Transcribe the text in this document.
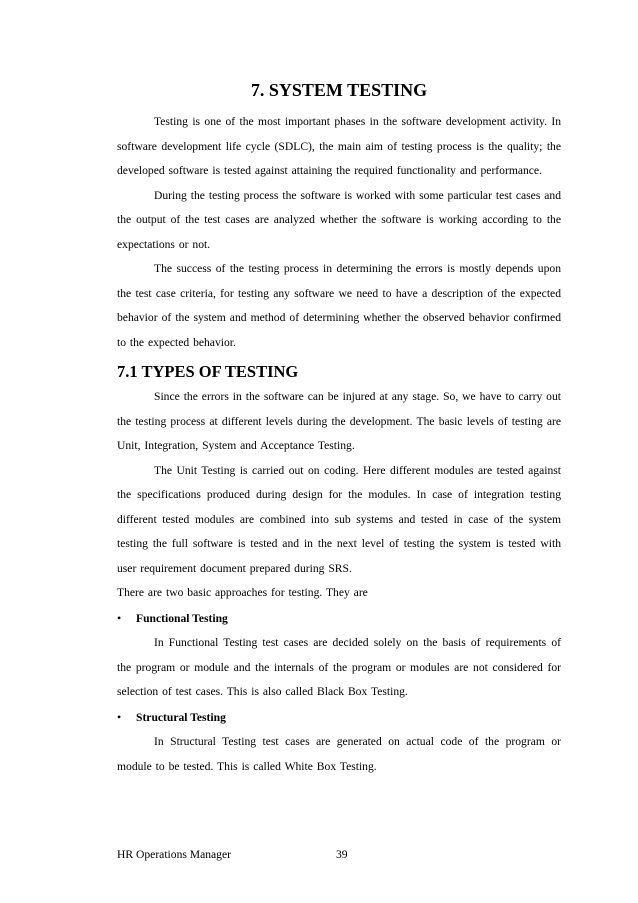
7. SYSTEM TESTING

Testing is one of the most important phases in the software development activity. In software development life cycle (SDLC), the main aim of testing process is the quality; the developed software is tested against attaining the required functionality and performance.

During the testing process the software is worked with some particular test cases and the output of the test cases are analyzed whether the software is working according to the expectations or not.

The success of the testing process in determining the errors is mostly depends upon the test case criteria, for testing any software we need to have a description of the expected behavior of the system and method of determining whether the observed behavior confirmed to the expected behavior.

7.1 TYPES OF TESTING

Since the errors in the software can be injured at any stage. So, we have to carry out the testing process at different levels during the development. The basic levels of testing are Unit, Integration, System and Acceptance Testing.

The Unit Testing is carried out on coding. Here different modules are tested against the specifications produced during design for the modules. In case of integration testing different tested modules are combined into sub systems and tested in case of the system testing the full software is tested and in the next level of testing the system is tested with user requirement document prepared during SRS.

There are two basic approaches for testing. They are

•	Functional Testing

In Functional Testing test cases are decided solely on the basis of requirements of the program or module and the internals of the program or modules are not considered for selection of test cases. This is also called Black Box Testing.

•	Structural Testing

In Structural Testing test cases are generated on actual code of the program or module to be tested. This is called White Box Testing.

HR Operations Manager	39
